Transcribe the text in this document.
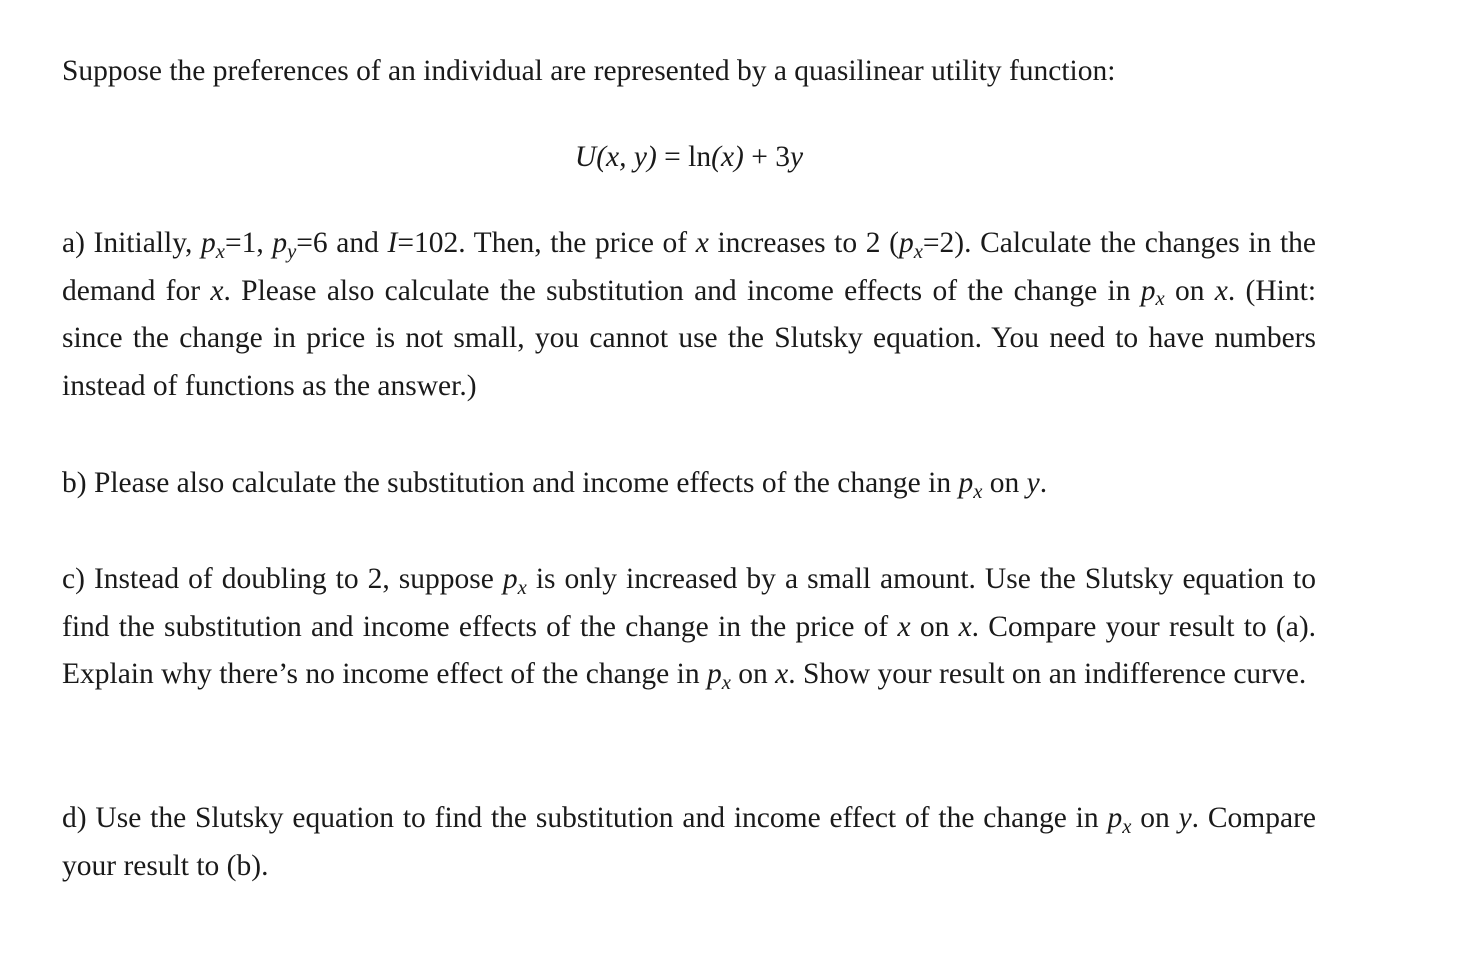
Suppose the preferences of an individual are represented by a quasilinear utility function:
U(x, y) = ln(x) + 3y
a) Initially, px=1, py=6 and I=102. Then, the price of x increases to 2 (px=2). Calculate the changes in the demand for x. Please also calculate the substitution and income effects of the change in px on x. (Hint: since the change in price is not small, you cannot use the Slutsky equation. You need to have numbers instead of functions as the answer.)
b) Please also calculate the substitution and income effects of the change in px on y.
c) Instead of doubling to 2, suppose px is only increased by a small amount. Use the Slutsky equation to find the substitution and income effects of the change in the price of x on x. Compare your result to (a). Explain why there’s no income effect of the change in px on x. Show your result on an indifference curve.
d) Use the Slutsky equation to find the substitution and income effect of the change in px on y. Compare your result to (b).
